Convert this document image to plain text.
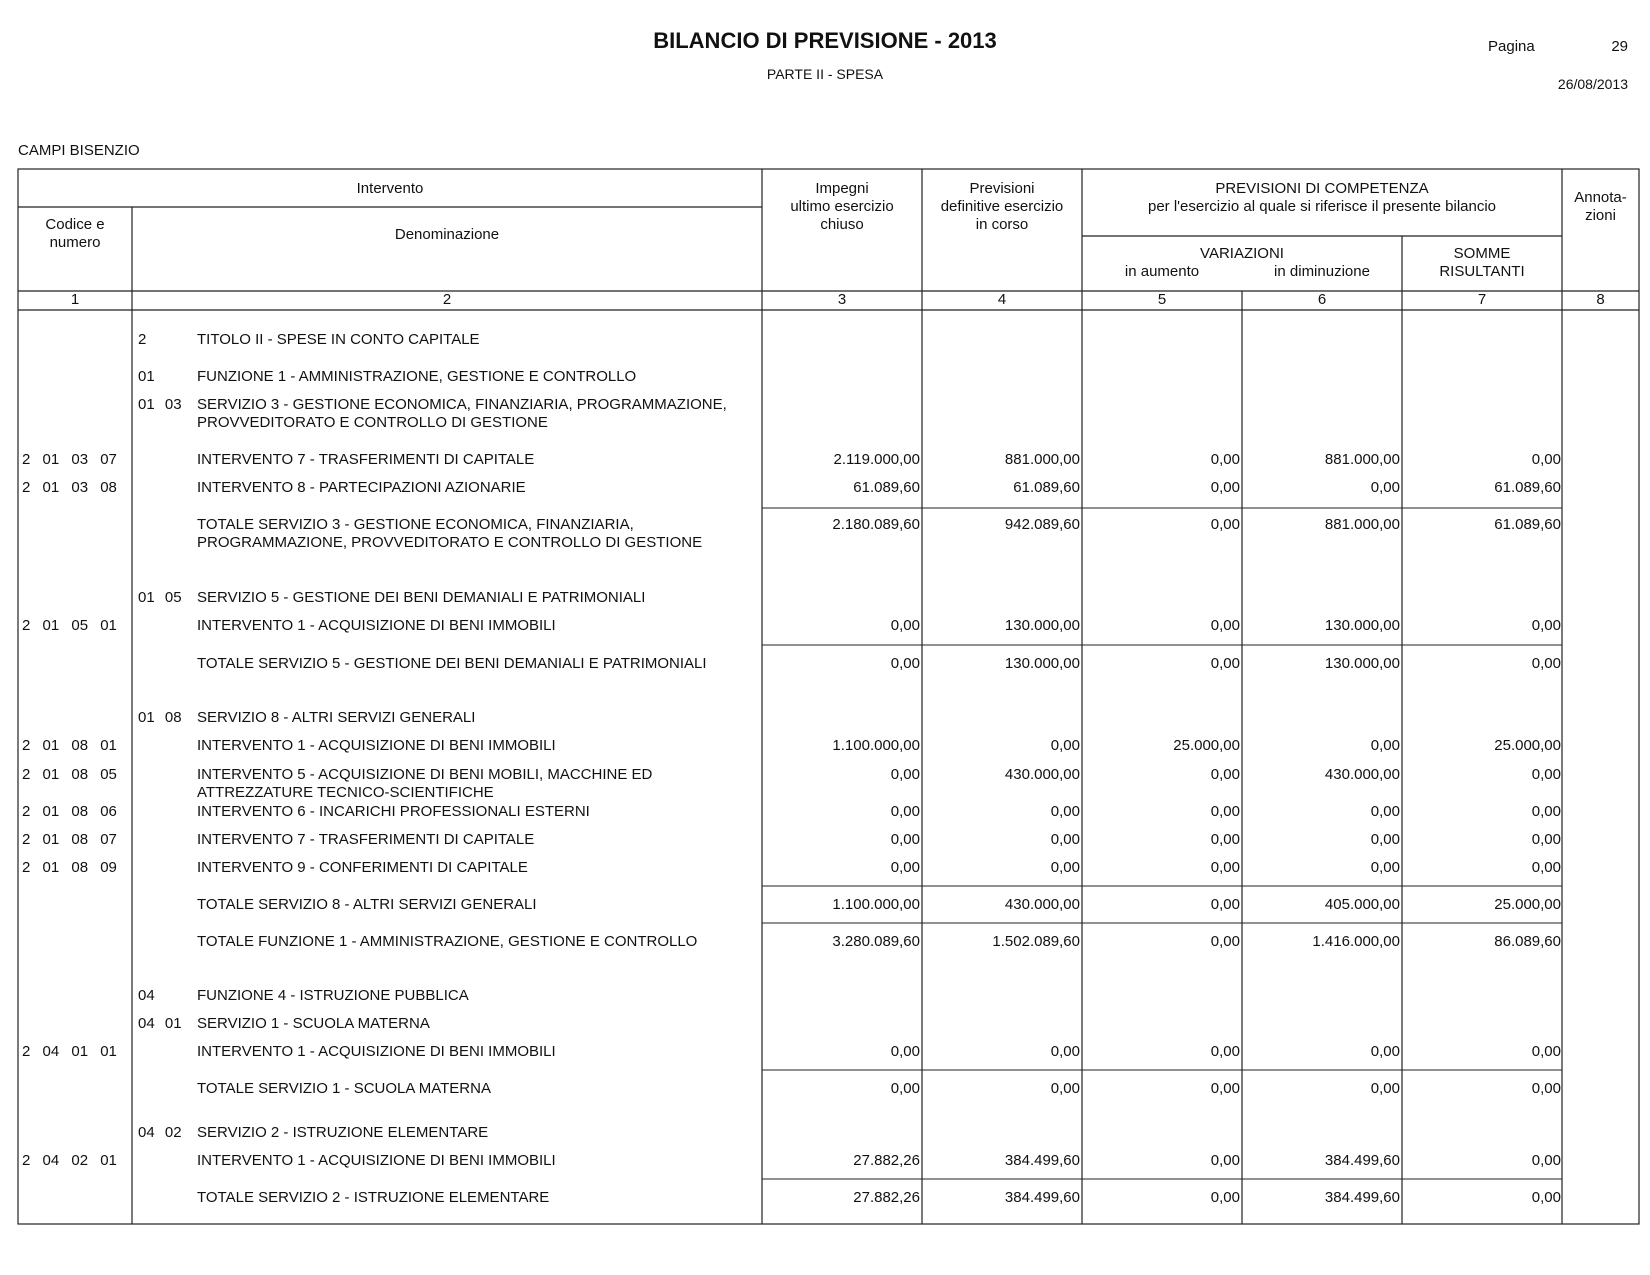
BILANCIO DI PREVISIONE - 2013
PARTE II - SPESA
Pagina	29
26/08/2013
CAMPI BISENZIO
Intervento
Codice e
numero	Denominazione
Impegni
ultimo esercizio
chiuso
Previsioni
definitive esercizio
in corso
PREVISIONI DI COMPETENZA
per l'esercizio al quale si riferisce il presente bilancio
VARIAZIONI
in aumento	in diminuzione
SOMME
RISULTANTI
Annota-
zioni
1	2	3	4	5	6	7	8
2	TITOLO II - SPESE IN CONTO CAPITALE
01	FUNZIONE 1 - AMMINISTRAZIONE, GESTIONE E CONTROLLO
01 03	SERVIZIO 3 - GESTIONE ECONOMICA, FINANZIARIA, PROGRAMMAZIONE, PROVVEDITORATO E CONTROLLO DI GESTIONE
2 01 03 07	INTERVENTO 7 - TRASFERIMENTI DI CAPITALE	2.119.000,00	881.000,00	0,00	881.000,00	0,00
2 01 03 08	INTERVENTO 8 - PARTECIPAZIONI AZIONARIE	61.089,60	61.089,60	0,00	0,00	61.089,60
TOTALE SERVIZIO 3 - GESTIONE ECONOMICA, FINANZIARIA, PROGRAMMAZIONE, PROVVEDITORATO E CONTROLLO DI GESTIONE
2.180.089,60	942.089,60	0,00	881.000,00	61.089,60
01 05	SERVIZIO 5 - GESTIONE DEI BENI DEMANIALI E PATRIMONIALI
2 01 05 01	INTERVENTO 1 - ACQUISIZIONE DI BENI IMMOBILI	0,00	130.000,00	0,00	130.000,00	0,00
TOTALE SERVIZIO 5 - GESTIONE DEI BENI DEMANIALI E PATRIMONIALI	0,00	130.000,00	0,00	130.000,00	0,00
01 08	SERVIZIO 8 - ALTRI SERVIZI GENERALI
2 01 08 01	INTERVENTO 1 - ACQUISIZIONE DI BENI IMMOBILI	1.100.000,00	0,00	25.000,00	0,00	25.000,00
2 01 08 05	INTERVENTO 5 - ACQUISIZIONE DI BENI MOBILI, MACCHINE ED ATTREZZATURE TECNICO-SCIENTIFICHE
0,00	430.000,00	0,00	430.000,00	0,00
2 01 08 06	INTERVENTO 6 - INCARICHI PROFESSIONALI ESTERNI	0,00	0,00	0,00	0,00	0,00
2 01 08 07	INTERVENTO 7 - TRASFERIMENTI DI CAPITALE	0,00	0,00	0,00	0,00	0,00
2 01 08 09	INTERVENTO 9 - CONFERIMENTI DI CAPITALE	0,00	0,00	0,00	0,00	0,00
TOTALE SERVIZIO 8 - ALTRI SERVIZI GENERALI	1.100.000,00	430.000,00	0,00	405.000,00	25.000,00
TOTALE FUNZIONE 1 - AMMINISTRAZIONE, GESTIONE E CONTROLLO	3.280.089,60	1.502.089,60	0,00	1.416.000,00	86.089,60
04	FUNZIONE 4 - ISTRUZIONE PUBBLICA
04 01	SERVIZIO 1 - SCUOLA MATERNA
2 04 01 01	INTERVENTO 1 - ACQUISIZIONE DI BENI IMMOBILI	0,00	0,00	0,00	0,00	0,00
TOTALE SERVIZIO 1 - SCUOLA MATERNA	0,00	0,00	0,00	0,00	0,00
04 02	SERVIZIO 2 - ISTRUZIONE ELEMENTARE
2 04 02 01	INTERVENTO 1 - ACQUISIZIONE DI BENI IMMOBILI	27.882,26	384.499,60	0,00	384.499,60	0,00
TOTALE SERVIZIO 2 - ISTRUZIONE ELEMENTARE	27.882,26	384.499,60	0,00	384.499,60	0,00
